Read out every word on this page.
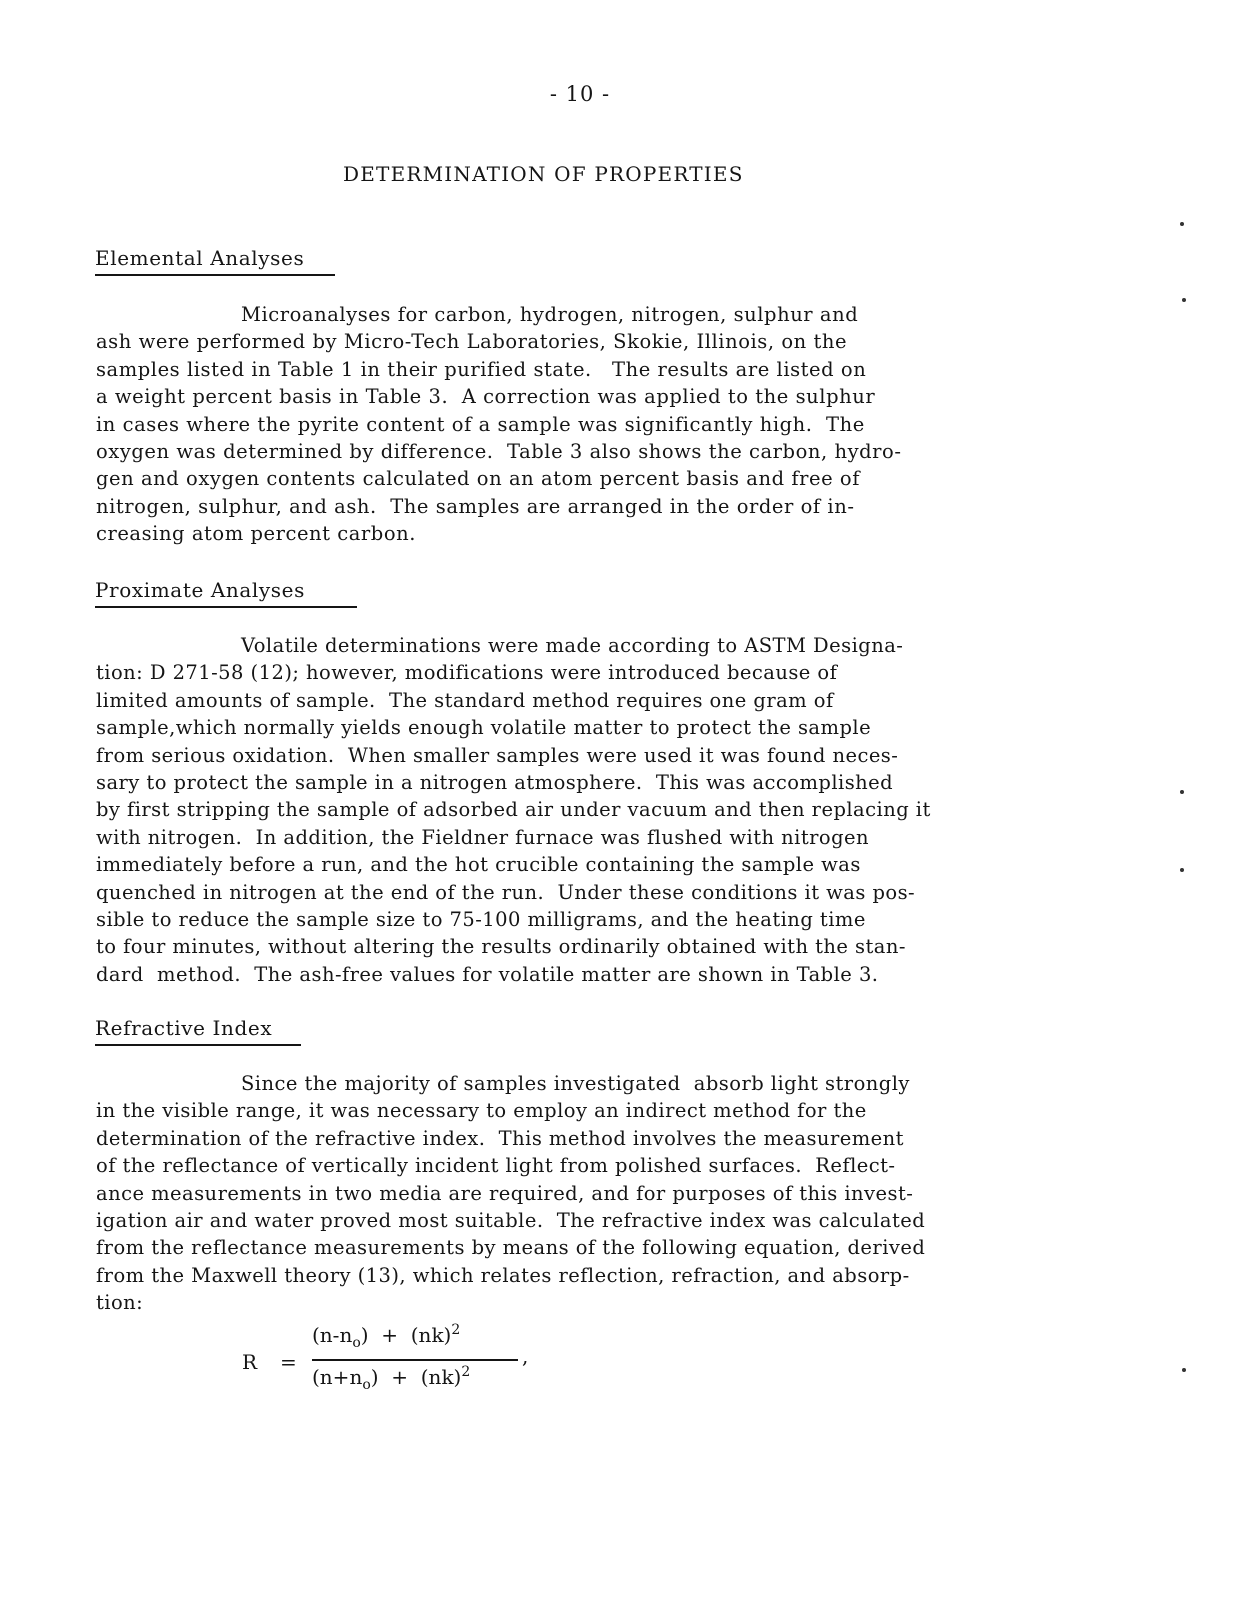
- 10 -
DETERMINATION OF PROPERTIES
Elemental Analyses
Microanalyses for carbon, hydrogen, nitrogen, sulphur and
ash were performed by Micro-Tech Laboratories, Skokie, Illinois, on the
samples listed in Table 1 in their purified state.   The results are listed on
a weight percent basis in Table 3.  A correction was applied to the sulphur
in cases where the pyrite content of a sample was significantly high.  The
oxygen was determined by difference.  Table 3 also shows the carbon, hydro-
gen and oxygen contents calculated on an atom percent basis and free of
nitrogen, sulphur, and ash.  The samples are arranged in the order of in-
creasing atom percent carbon.
Proximate Analyses
Volatile determinations were made according to ASTM Designa-
tion: D 271-58 (12); however, modifications were introduced because of
limited amounts of sample.  The standard method requires one gram of
sample,which normally yields enough volatile matter to protect the sample
from serious oxidation.  When smaller samples were used it was found neces-
sary to protect the sample in a nitrogen atmosphere.  This was accomplished
by first stripping the sample of adsorbed air under vacuum and then replacing it
with nitrogen.  In addition, the Fieldner furnace was flushed with nitrogen
immediately before a run, and the hot crucible containing the sample was
quenched in nitrogen at the end of the run.  Under these conditions it was pos-
sible to reduce the sample size to 75-100 milligrams, and the heating time
to four minutes, without altering the results ordinarily obtained with the stan-
dard  method.  The ash-free values for volatile matter are shown in Table 3.
Refractive Index
Since the majority of samples investigated  absorb light strongly
in the visible range, it was necessary to employ an indirect method for the
determination of the refractive index.  This method involves the measurement
of the reflectance of vertically incident light from polished surfaces.  Reflect-
ance measurements in two media are required, and for purposes of this invest-
igation air and water proved most suitable.  The refractive index was calculated
from the reflectance measurements by means of the following equation, derived
from the Maxwell theory (13), which relates reflection, refraction, and absorp-
tion:
R =
$(n-n_o) + (nk)^2$
$(n+n_o) + (nk)^2$
,
